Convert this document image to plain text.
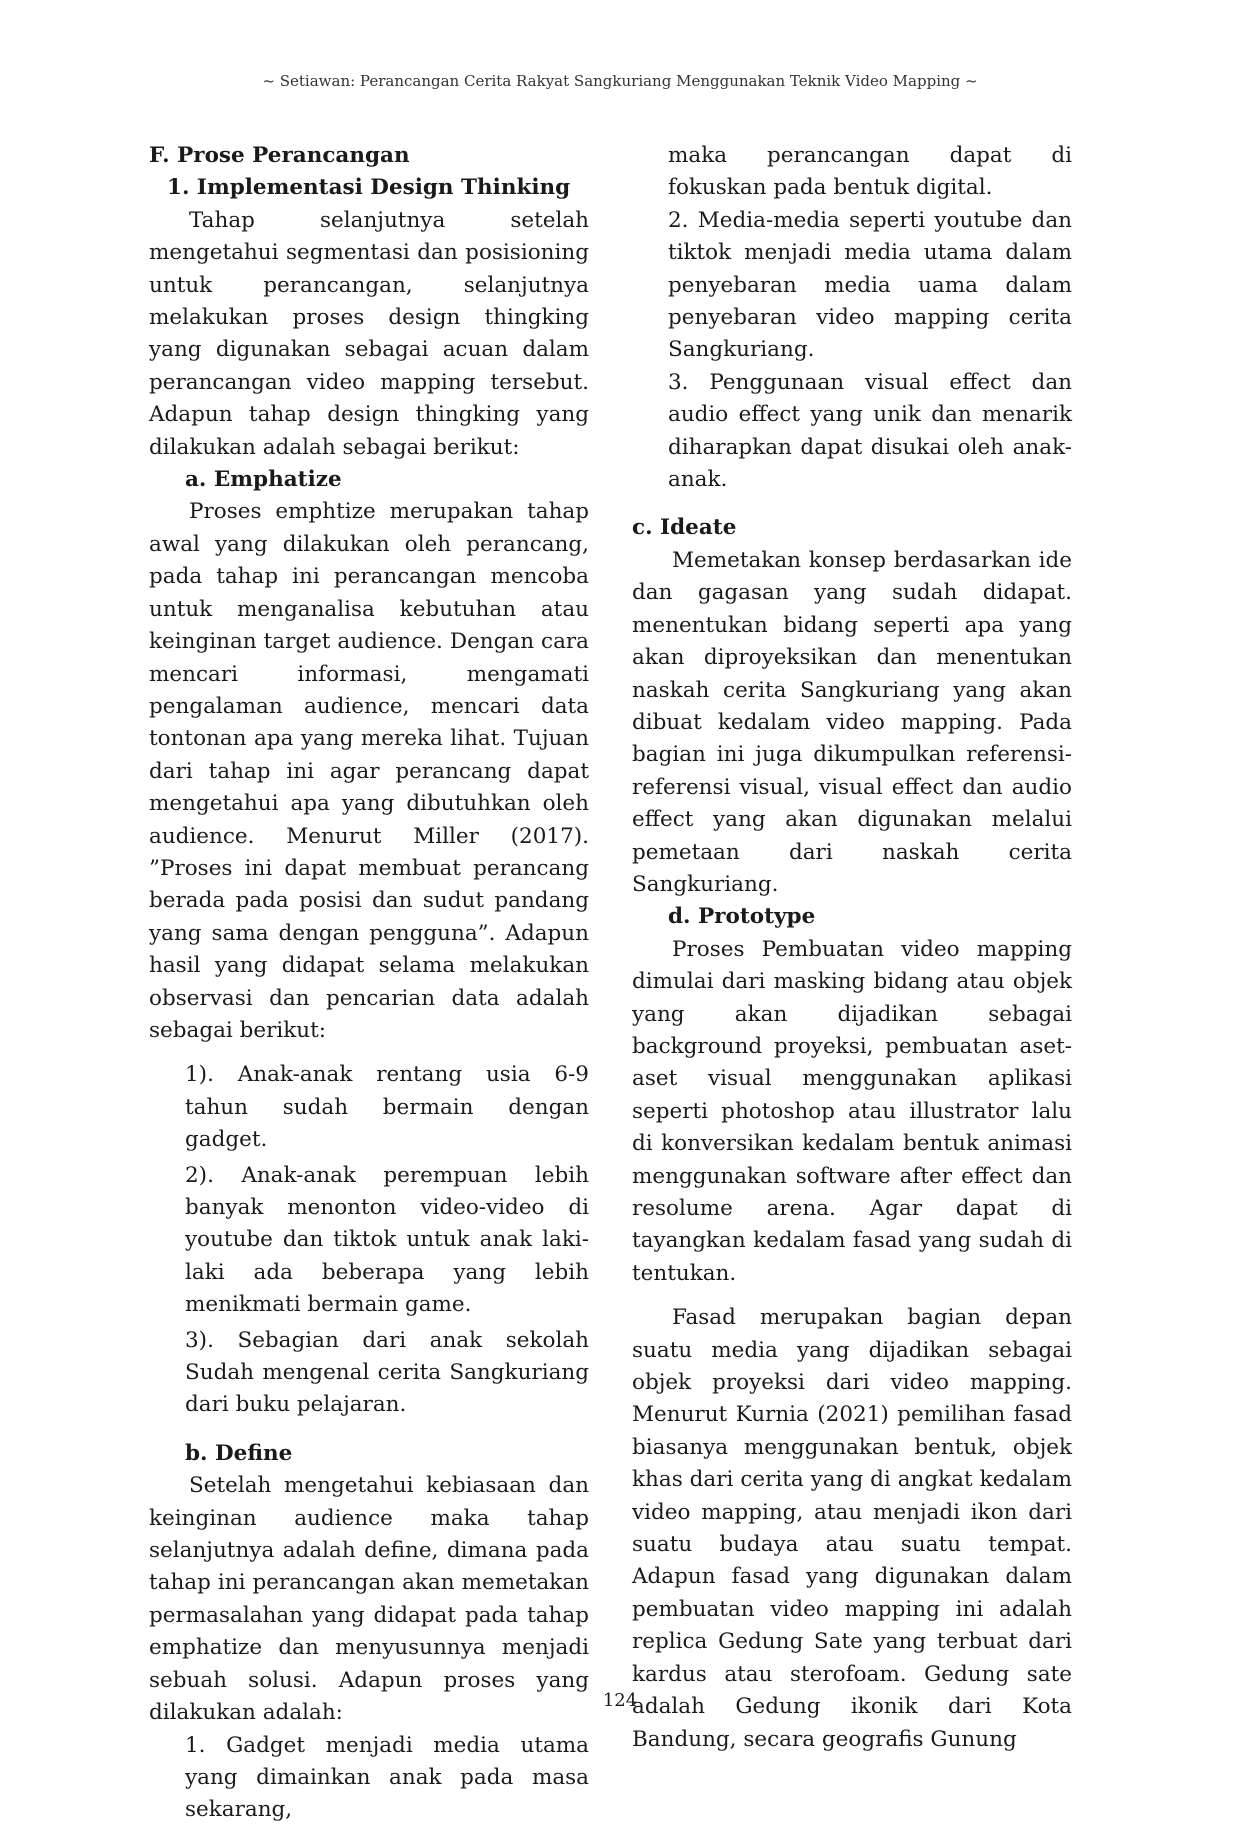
~ Setiawan: Perancangan Cerita Rakyat Sangkuriang Menggunakan Teknik Video Mapping ~
F. Prose Perancangan
1. Implementasi Design Thinking

Tahap selanjutnya setelah mengetahui segmentasi dan posisioning untuk perancangan, selanjutnya melakukan proses design thingking yang digunakan sebagai acuan dalam perancangan video mapping tersebut. Adapun tahap design thingking yang dilakukan adalah sebagai berikut:

a. Emphatize

Proses emphtize merupakan tahap awal yang dilakukan oleh perancang, pada tahap ini perancangan mencoba untuk menganalisa kebutuhan atau keinginan target audience. Dengan cara mencari informasi, mengamati pengalaman audience, mencari data tontonan apa yang mereka lihat. Tujuan dari tahap ini agar perancang dapat mengetahui apa yang dibutuhkan oleh audience. Menurut Miller (2017). ”Proses ini dapat membuat perancang berada pada posisi dan sudut pandang yang sama dengan pengguna”. Adapun hasil yang didapat selama melakukan observasi dan pencarian data adalah sebagai berikut:

1). Anak-anak rentang usia 6-9 tahun sudah bermain dengan gadget.
2). Anak-anak perempuan lebih banyak menonton video-video di youtube dan tiktok untuk anak laki-laki ada beberapa yang lebih menikmati bermain game.
3). Sebagian dari anak sekolah Sudah mengenal cerita Sangkuriang dari buku pelajaran.
b. Define

Setelah mengetahui kebiasaan dan keinginan audience maka tahap selanjutnya adalah define, dimana pada tahap ini perancangan akan memetakan permasalahan yang didapat pada tahap emphatize dan menyusunnya menjadi sebuah solusi. Adapun proses yang dilakukan adalah:

1. Gadget menjadi media utama yang dimainkan anak pada masa sekarang,
maka perancangan dapat di fokuskan pada bentuk digital.
2. Media-media seperti youtube dan tiktok menjadi media utama dalam penyebaran media uama dalam penyebaran video mapping cerita Sangkuriang.
3. Penggunaan visual effect dan audio effect yang unik dan menarik diharapkan dapat disukai oleh anak-anak.
c. Ideate

Memetakan konsep berdasarkan ide dan gagasan yang sudah didapat. menentukan bidang seperti apa yang akan diproyeksikan dan menentukan naskah cerita Sangkuriang yang akan dibuat kedalam video mapping. Pada bagian ini juga dikumpulkan referensi-referensi visual, visual effect dan audio effect yang akan digunakan melalui pemetaan dari naskah cerita Sangkuriang.

d. Prototype

Proses Pembuatan video mapping dimulai dari masking bidang atau objek yang akan dijadikan sebagai background proyeksi, pembuatan aset-aset visual menggunakan aplikasi seperti photoshop atau illustrator lalu di konversikan kedalam bentuk animasi menggunakan software after effect dan resolume arena. Agar dapat di tayangkan kedalam fasad yang sudah di tentukan.

Fasad merupakan bagian depan suatu media yang dijadikan sebagai objek proyeksi dari video mapping. Menurut Kurnia (2021) pemilihan fasad biasanya menggunakan bentuk, objek khas dari cerita yang di angkat kedalam video mapping, atau menjadi ikon dari suatu budaya atau suatu tempat. Adapun fasad yang digunakan dalam pembuatan video mapping ini adalah replica Gedung Sate yang terbuat dari kardus atau sterofoam. Gedung sate adalah Gedung ikonik dari Kota Bandung, secara geografis Gunung

124
